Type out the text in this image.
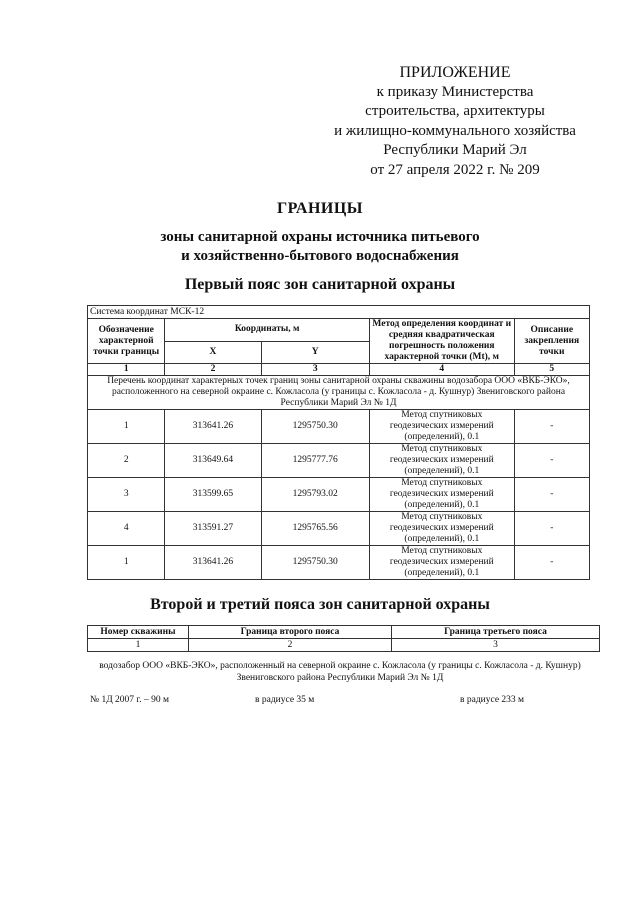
ПРИЛОЖЕНИЕ
к приказу Министерства
строительства, архитектуры
и жилищно-коммунального хозяйства
Республики Марий Эл
от 27 апреля 2022 г. № 209
ГРАНИЦЫ
зоны санитарной охраны источника питьевого
и хозяйственно-бытового водоснабжения
Первый пояс зон санитарной охраны
Система координат МСК-12				
Обозначение характерной точки границы	Координаты, м		Метод определения координат и средняя квадратическая погрешность положения характерной точки (Mt), м	Описание закрепления точки
	X	Y		
1	2	3	4	5
Перечень координат характерных точек границ зоны санитарной охраны скважины водозабора ООО «ВКБ-ЭКО», расположенного на северной окраине с. Кожласола (у границы с. Кожласола - д. Кушнур) Звениговского района Республики Марий Эл № 1Д				
1	313641.26	1295750.30	Метод спутниковых геодезических измерений (определений), 0.1	-
2	313649.64	1295777.76	Метод спутниковых геодезических измерений (определений), 0.1	-
3	313599.65	1295793.02	Метод спутниковых геодезических измерений (определений), 0.1	-
4	313591.27	1295765.56	Метод спутниковых геодезических измерений (определений), 0.1	-
1	313641.26	1295750.30	Метод спутниковых геодезических измерений (определений), 0.1	-
Второй и третий пояса зон санитарной охраны
Номер скважины	Граница второго пояса	Граница третьего пояса
1	2	3
водозабор ООО «ВКБ-ЭКО», расположенный на северной окраине с. Кожласола (у границы с. Кожласола - д. Кушнур)
Звениговского района Республики Марий Эл № 1Д
№ 1Д 2007 г. – 90 м	в радиусе 35 м	в радиусе 233 м
